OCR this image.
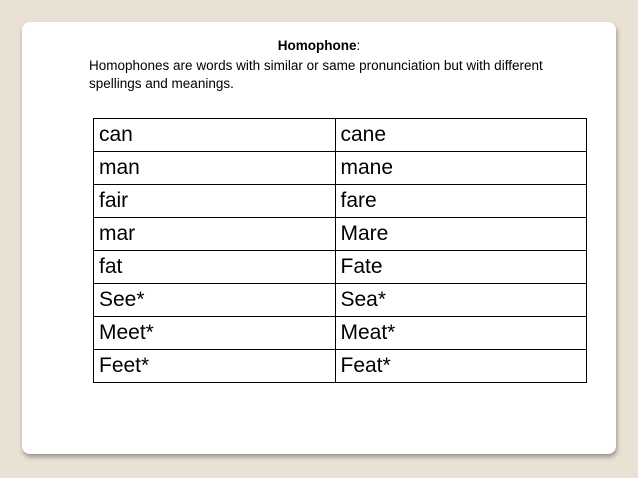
Homophone:
Homophones are words with similar or same pronunciation but with different spellings and meanings.
can	cane
man	mane
fair	fare
mar	Mare
fat	Fate
See*	Sea*
Meet*	Meat*
Feet*	Feat*
